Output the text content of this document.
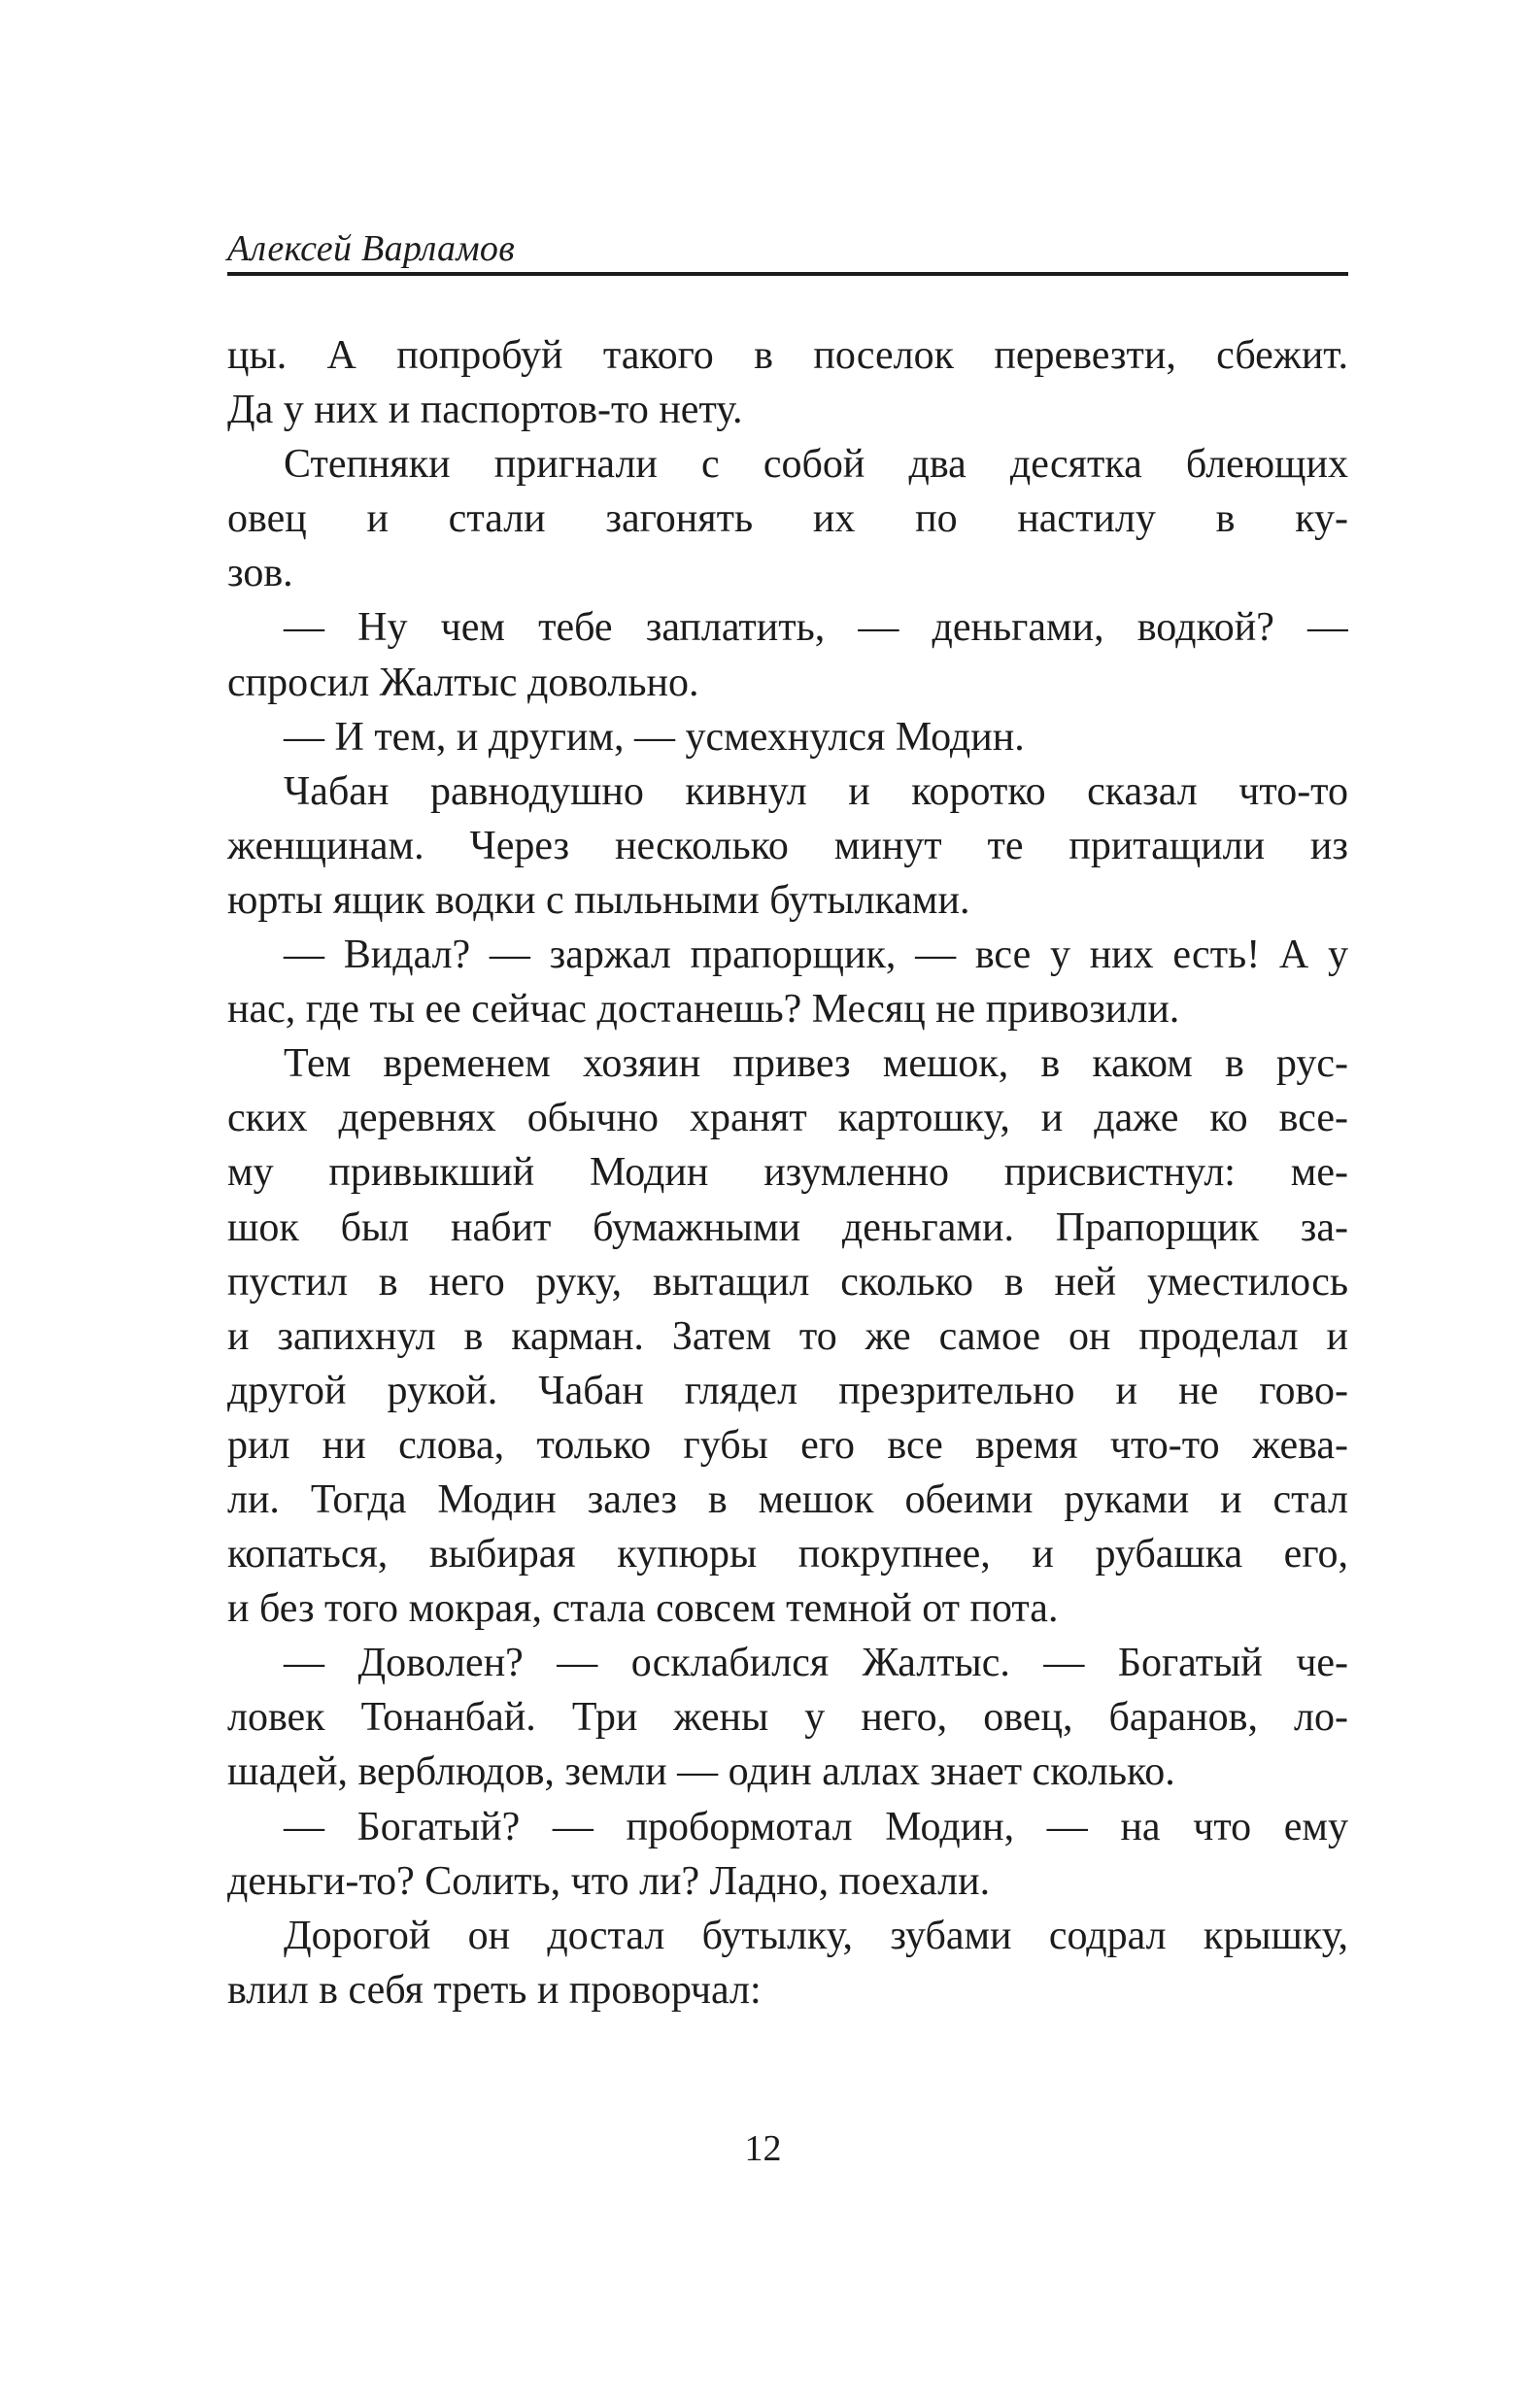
Алексей Варламов
цы. А попробуй такого в поселок перевезти, сбежит.
Да у них и паспортов-то нету.
Степняки пригнали с собой два десятка блеющих
овец и стали загонять их по настилу в ку-
зов.
— Ну чем тебе заплатить, — деньгами, водкой? —
спросил Жалтыс довольно.
— И тем, и другим, — усмехнулся Модин.
Чабан равнодушно кивнул и коротко сказал что-то
женщинам. Через несколько минут те притащили из
юрты ящик водки с пыльными бутылками.
— Видал? — заржал прапорщик, — все у них есть! А у
нас, где ты ее сейчас достанешь? Месяц не привозили.
Тем временем хозяин привез мешок, в каком в рус-
ских деревнях обычно хранят картошку, и даже ко все-
му привыкший Модин изумленно присвистнул: ме-
шок был набит бумажными деньгами. Прапорщик за-
пустил в него руку, вытащил сколько в ней уместилось
и запихнул в карман. Затем то же самое он проделал и
другой рукой. Чабан глядел презрительно и не гово-
рил ни слова, только губы его все время что-то жева-
ли. Тогда Модин залез в мешок обеими руками и стал
копаться, выбирая купюры покрупнее, и рубашка его,
и без того мокрая, стала совсем темной от пота.
— Доволен? — осклабился Жалтыс. — Богатый че-
ловек Тонанбай. Три жены у него, овец, баранов, ло-
шадей, верблюдов, земли — один аллах знает сколько.
— Богатый? — пробормотал Модин, — на что ему
деньги-то? Солить, что ли? Ладно, поехали.
Дорогой он достал бутылку, зубами содрал крышку,
влил в себя треть и проворчал:
12
